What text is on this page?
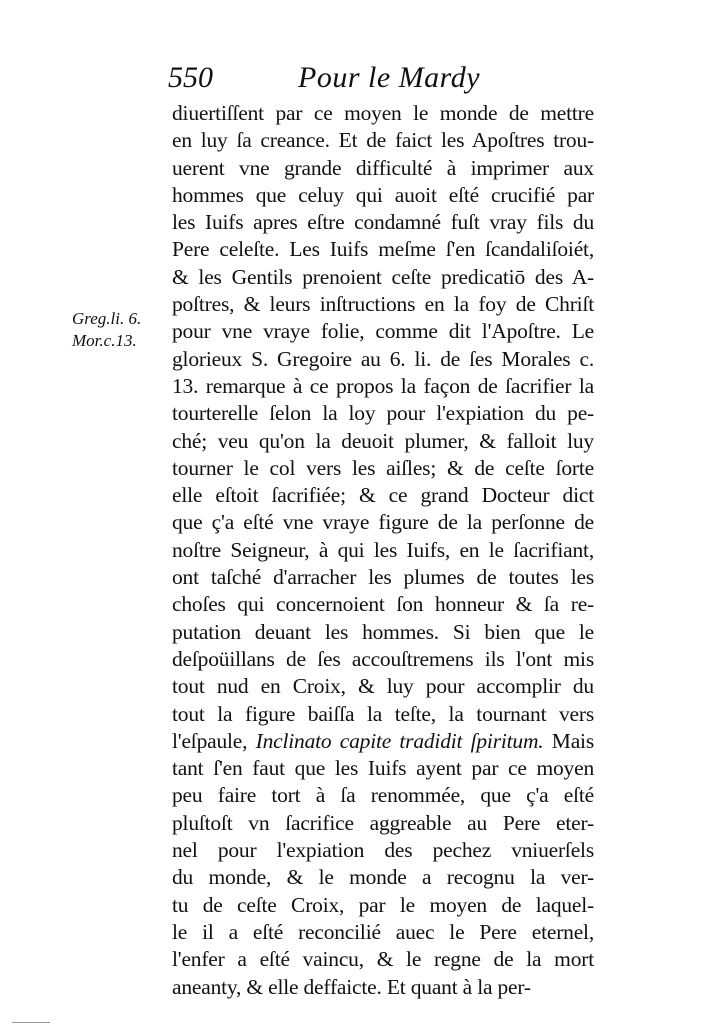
550	Pour le Mardy
Greg.li. 6.
Mor.c.13.
diuertiſſent par ce moyen le monde de mettre
en luy ſa creance. Et de faict les Apoſtres trou-
uerent vne grande difficulté à imprimer aux
hommes que celuy qui auoit eſté crucifié par
les Iuifs apres eſtre condamné fuſt vray fils du
Pere celeſte. Les Iuifs meſme ſ'en ſcandaliſoiét,
& les Gentils prenoient ceſte predicatiō des A-
poſtres, & leurs inſtructions en la foy de Chriſt
pour vne vraye folie, comme dit l'Apoſtre. Le
glorieux S. Gregoire au 6. li. de ſes Morales c.
13. remarque à ce propos la façon de ſacrifier la
tourterelle ſelon la loy pour l'expiation du pe-
ché; veu qu'on la deuoit plumer, & falloit luy
tourner le col vers les aiſles; & de ceſte ſorte
elle eſtoit ſacrifiée; & ce grand Docteur dict
que ç'a eſté vne vraye figure de la perſonne de
noſtre Seigneur, à qui les Iuifs, en le ſacrifiant,
ont taſché d'arracher les plumes de toutes les
choſes qui concernoient ſon honneur & ſa re-
putation deuant les hommes. Si bien que le
deſpoüillans de ſes accouſtremens ils l'ont mis
tout nud en Croix, & luy pour accomplir du
tout la figure baiſſa la teſte, la tournant vers
l'eſpaule, Inclinato capite tradidit ſpiritum. Mais
tant ſ'en faut que les Iuifs ayent par ce moyen
peu faire tort à ſa renommée, que ç'a eſté
pluſtoſt vn ſacrifice aggreable au Pere eter-
nel pour l'expiation des pechez vniuerſels
du monde, & le monde a recognu la ver-
tu de ceſte Croix, par le moyen de laquel-
le il a eſté reconcilié auec le Pere eternel,
l'enfer a eſté vaincu, & le regne de la mort
aneanty, & elle deffaicte. Et quant à la per-
